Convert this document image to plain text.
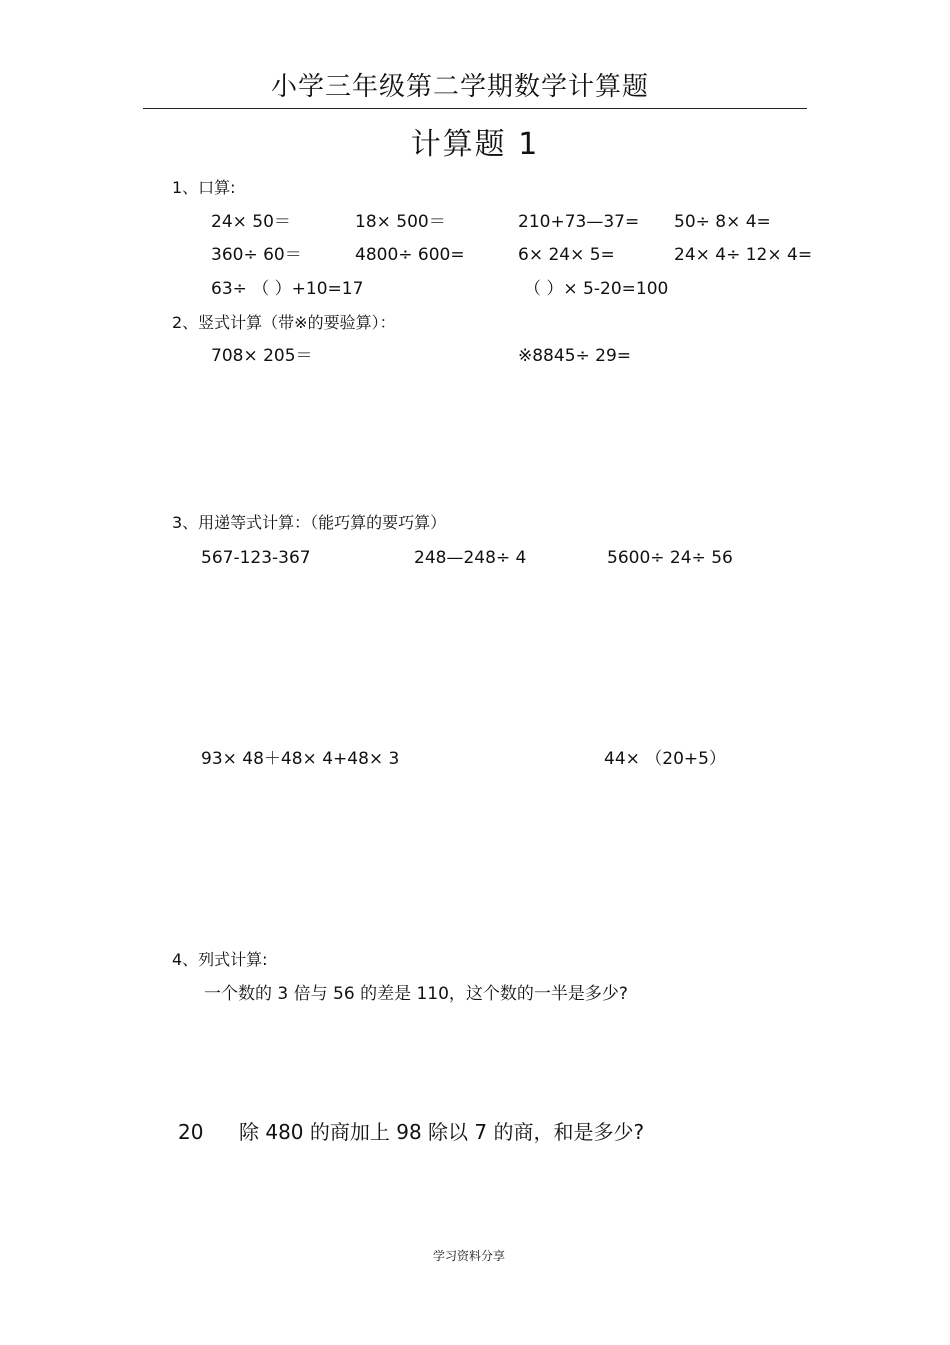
小学三年级第二学期数学计算题
计算题 1
1、口算:
24× 50＝	18× 500＝	210+73—37= 50÷ 8× 4=
360÷ 60＝	4800÷ 600=	6× 24× 5=	24× 4÷ 12× 4=
63÷ （ ）+10=17	（ ）× 5-20=100
2、竖式计算（带※的要验算）：
708× 205＝	※8845÷ 29=
3、用递等式计算：（能巧算的要巧算）
567-123-367	248—248÷ 4	5600÷ 24÷ 56
93× 48＋48× 4+48× 3	44× （20+5）
4、列式计算:
一个数的 3 倍与 56 的差是 110，这个数的一半是多少?
20 除 480 的商加上 98 除以 7 的商，和是多少?
学习资料分享
